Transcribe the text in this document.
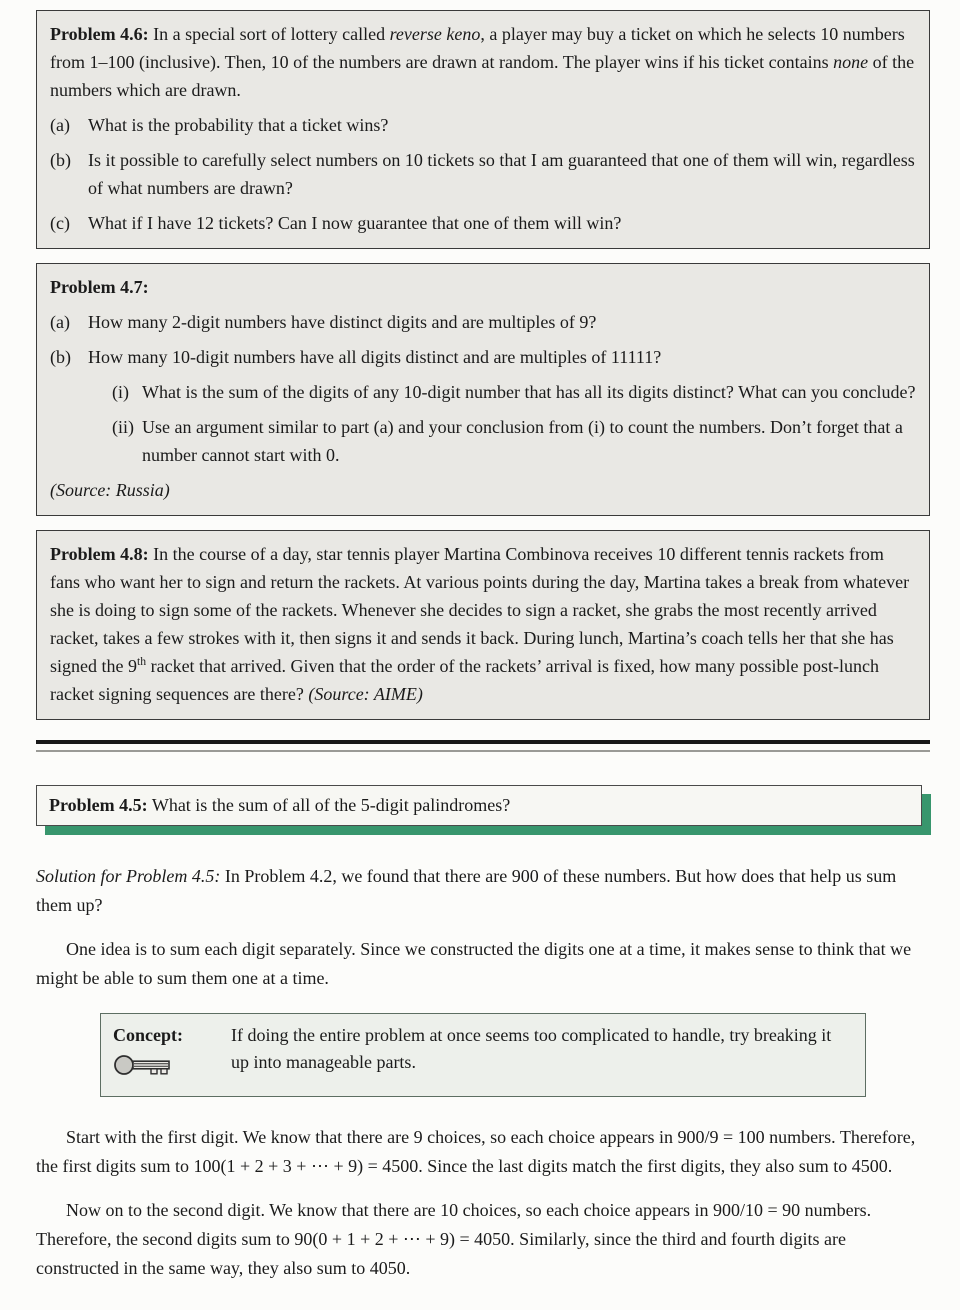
Problem 4.6: In a special sort of lottery called reverse keno, a player may buy a ticket on which he selects 10 numbers from 1–100 (inclusive). Then, 10 of the numbers are drawn at random. The player wins if his ticket contains none of the numbers which are drawn.

(a)	What is the probability that a ticket wins?
(b) Is it possible to carefully select numbers on 10 tickets so that I am guaranteed that one of them will win, regardless of what numbers are drawn?
(c)	What if I have 12 tickets? Can I now guarantee that one of them will win?

Problem 4.7:

(a)	How many 2-digit numbers have distinct digits and are multiples of 9?
(b) How many 10-digit numbers have all digits distinct and are multiples of 11111?
(i) What is the sum of the digits of any 10-digit number that has all its digits distinct? What can you conclude?
(ii) Use an argument similar to part (a) and your conclusion from (i) to count the numbers. Don’t forget that a number cannot start with 0.

(Source: Russia)

Problem 4.8: In the course of a day, star tennis player Martina Combinova receives 10 different tennis rackets from fans who want her to sign and return the rackets. At various points during the day, Martina takes a break from whatever she is doing to sign some of the rackets. Whenever she decides to sign a racket, she grabs the most recently arrived racket, takes a few strokes with it, then signs it and sends it back. During lunch, Martina’s coach tells her that she has signed the 9th racket that arrived. Given that the order of the rackets’ arrival is fixed, how many possible post-lunch racket signing sequences are there? (Source: AIME)

Problem 4.5: What is the sum of all of the 5-digit palindromes?

Solution for Problem 4.5: In Problem 4.2, we found that there are 900 of these numbers. But how does that help us sum them up?

One idea is to sum each digit separately. Since we constructed the digits one at a time, it makes sense to think that we might be able to sum them one at a time.

Concept:	If doing the entire problem at once seems too complicated to handle, try breaking it up into manageable parts.

Start with the first digit. We know that there are 9 choices, so each choice appears in 900/9 = 100 numbers. Therefore, the first digits sum to 100(1 + 2 + 3 + ⋯ + 9) = 4500. Since the last digits match the first digits, they also sum to 4500.

Now on to the second digit. We know that there are 10 choices, so each choice appears in 900/10 = 90 numbers. Therefore, the second digits sum to 90(0 + 1 + 2 + ⋯ + 9) = 4050. Similarly, since the third and fourth digits are constructed in the same way, they also sum to 4050.
